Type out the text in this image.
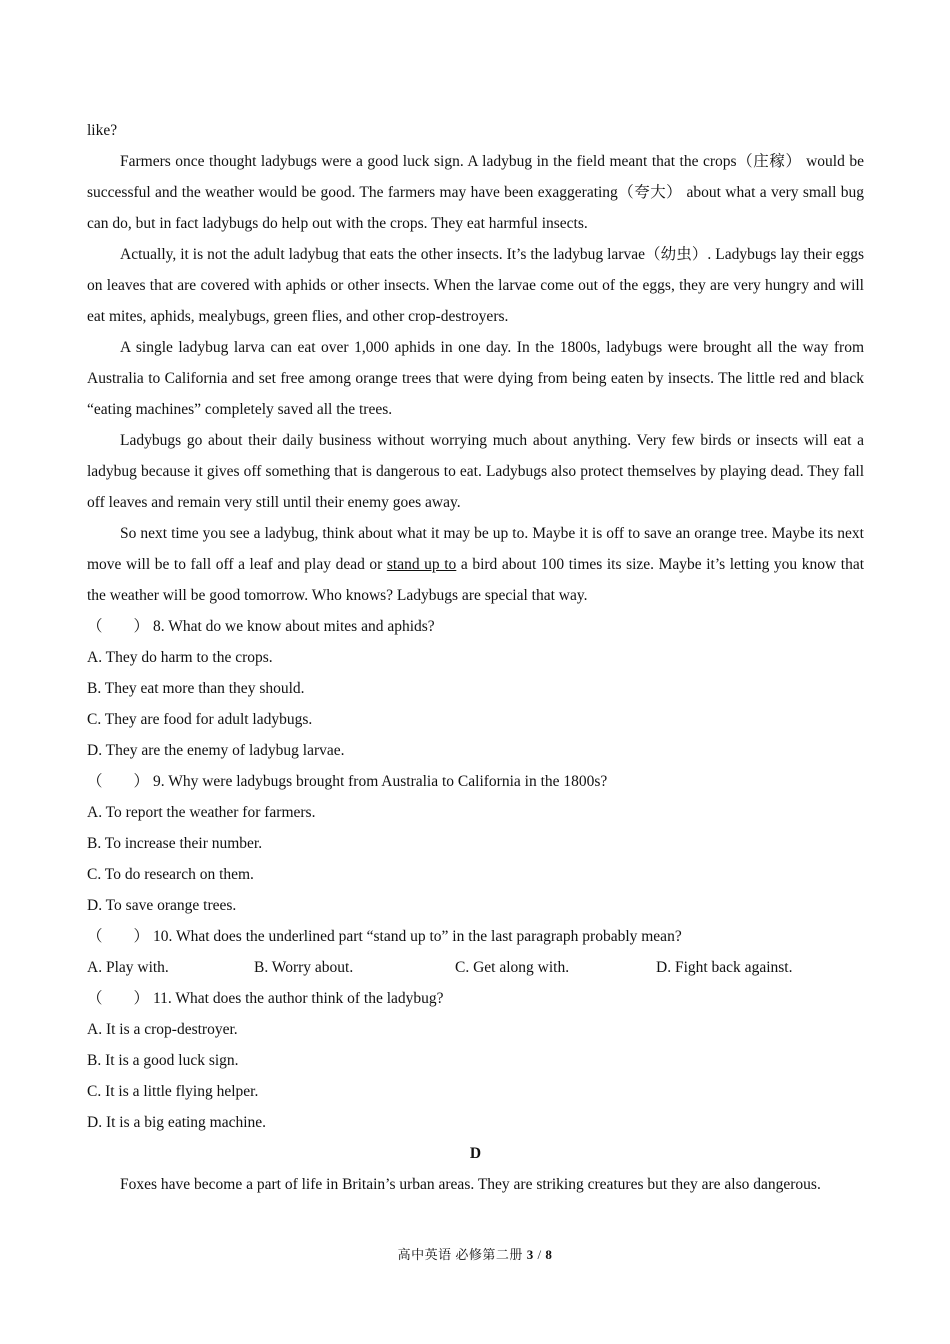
like?

Farmers once thought ladybugs were a good luck sign. A ladybug in the field meant that the crops（庄稼） would be successful and the weather would be good. The farmers may have been exaggerating（夸大） about what a very small bug can do, but in fact ladybugs do help out with the crops. They eat harmful insects.

Actually, it is not the adult ladybug that eats the other insects. It’s the ladybug larvae（幼虫）. Ladybugs lay their eggs on leaves that are covered with aphids or other insects. When the larvae come out of the eggs, they are very hungry and will eat mites, aphids, mealybugs, green flies, and other crop-destroyers.

A single ladybug larva can eat over 1,000 aphids in one day. In the 1800s, ladybugs were brought all the way from Australia to California and set free among orange trees that were dying from being eaten by insects. The little red and black “eating machines” completely saved all the trees.

Ladybugs go about their daily business without worrying much about anything. Very few birds or insects will eat a ladybug because it gives off something that is dangerous to eat. Ladybugs also protect themselves by playing dead. They fall off leaves and remain very still until their enemy goes away.

So next time you see a ladybug, think about what it may be up to. Maybe it is off to save an orange tree. Maybe its next move will be to fall off a leaf and play dead or stand up to a bird about 100 times its size. Maybe it’s letting you know that the weather will be good tomorrow. Who knows? Ladybugs are special that way.

（　　） 8. What do we know about mites and aphids?
A. They do harm to the crops.
B. They eat more than they should.
C. They are food for adult ladybugs.
D. They are the enemy of ladybug larvae.
（　　） 9. Why were ladybugs brought from Australia to California in the 1800s?
A. To report the weather for farmers.
B. To increase their number.
C. To do research on them.
D. To save orange trees.
（　　） 10. What does the underlined part “stand up to” in the last paragraph probably mean?
A. Play with.	B. Worry about.	C. Get along with.	D. Fight back against.
（　　） 11. What does the author think of the ladybug?
A. It is a crop-destroyer.
B. It is a good luck sign.
C. It is a little flying helper.
D. It is a big eating machine.
D

Foxes have become a part of life in Britain’s urban areas. They are striking creatures but they are also dangerous.

高中英语 必修第二册 3 / 8
